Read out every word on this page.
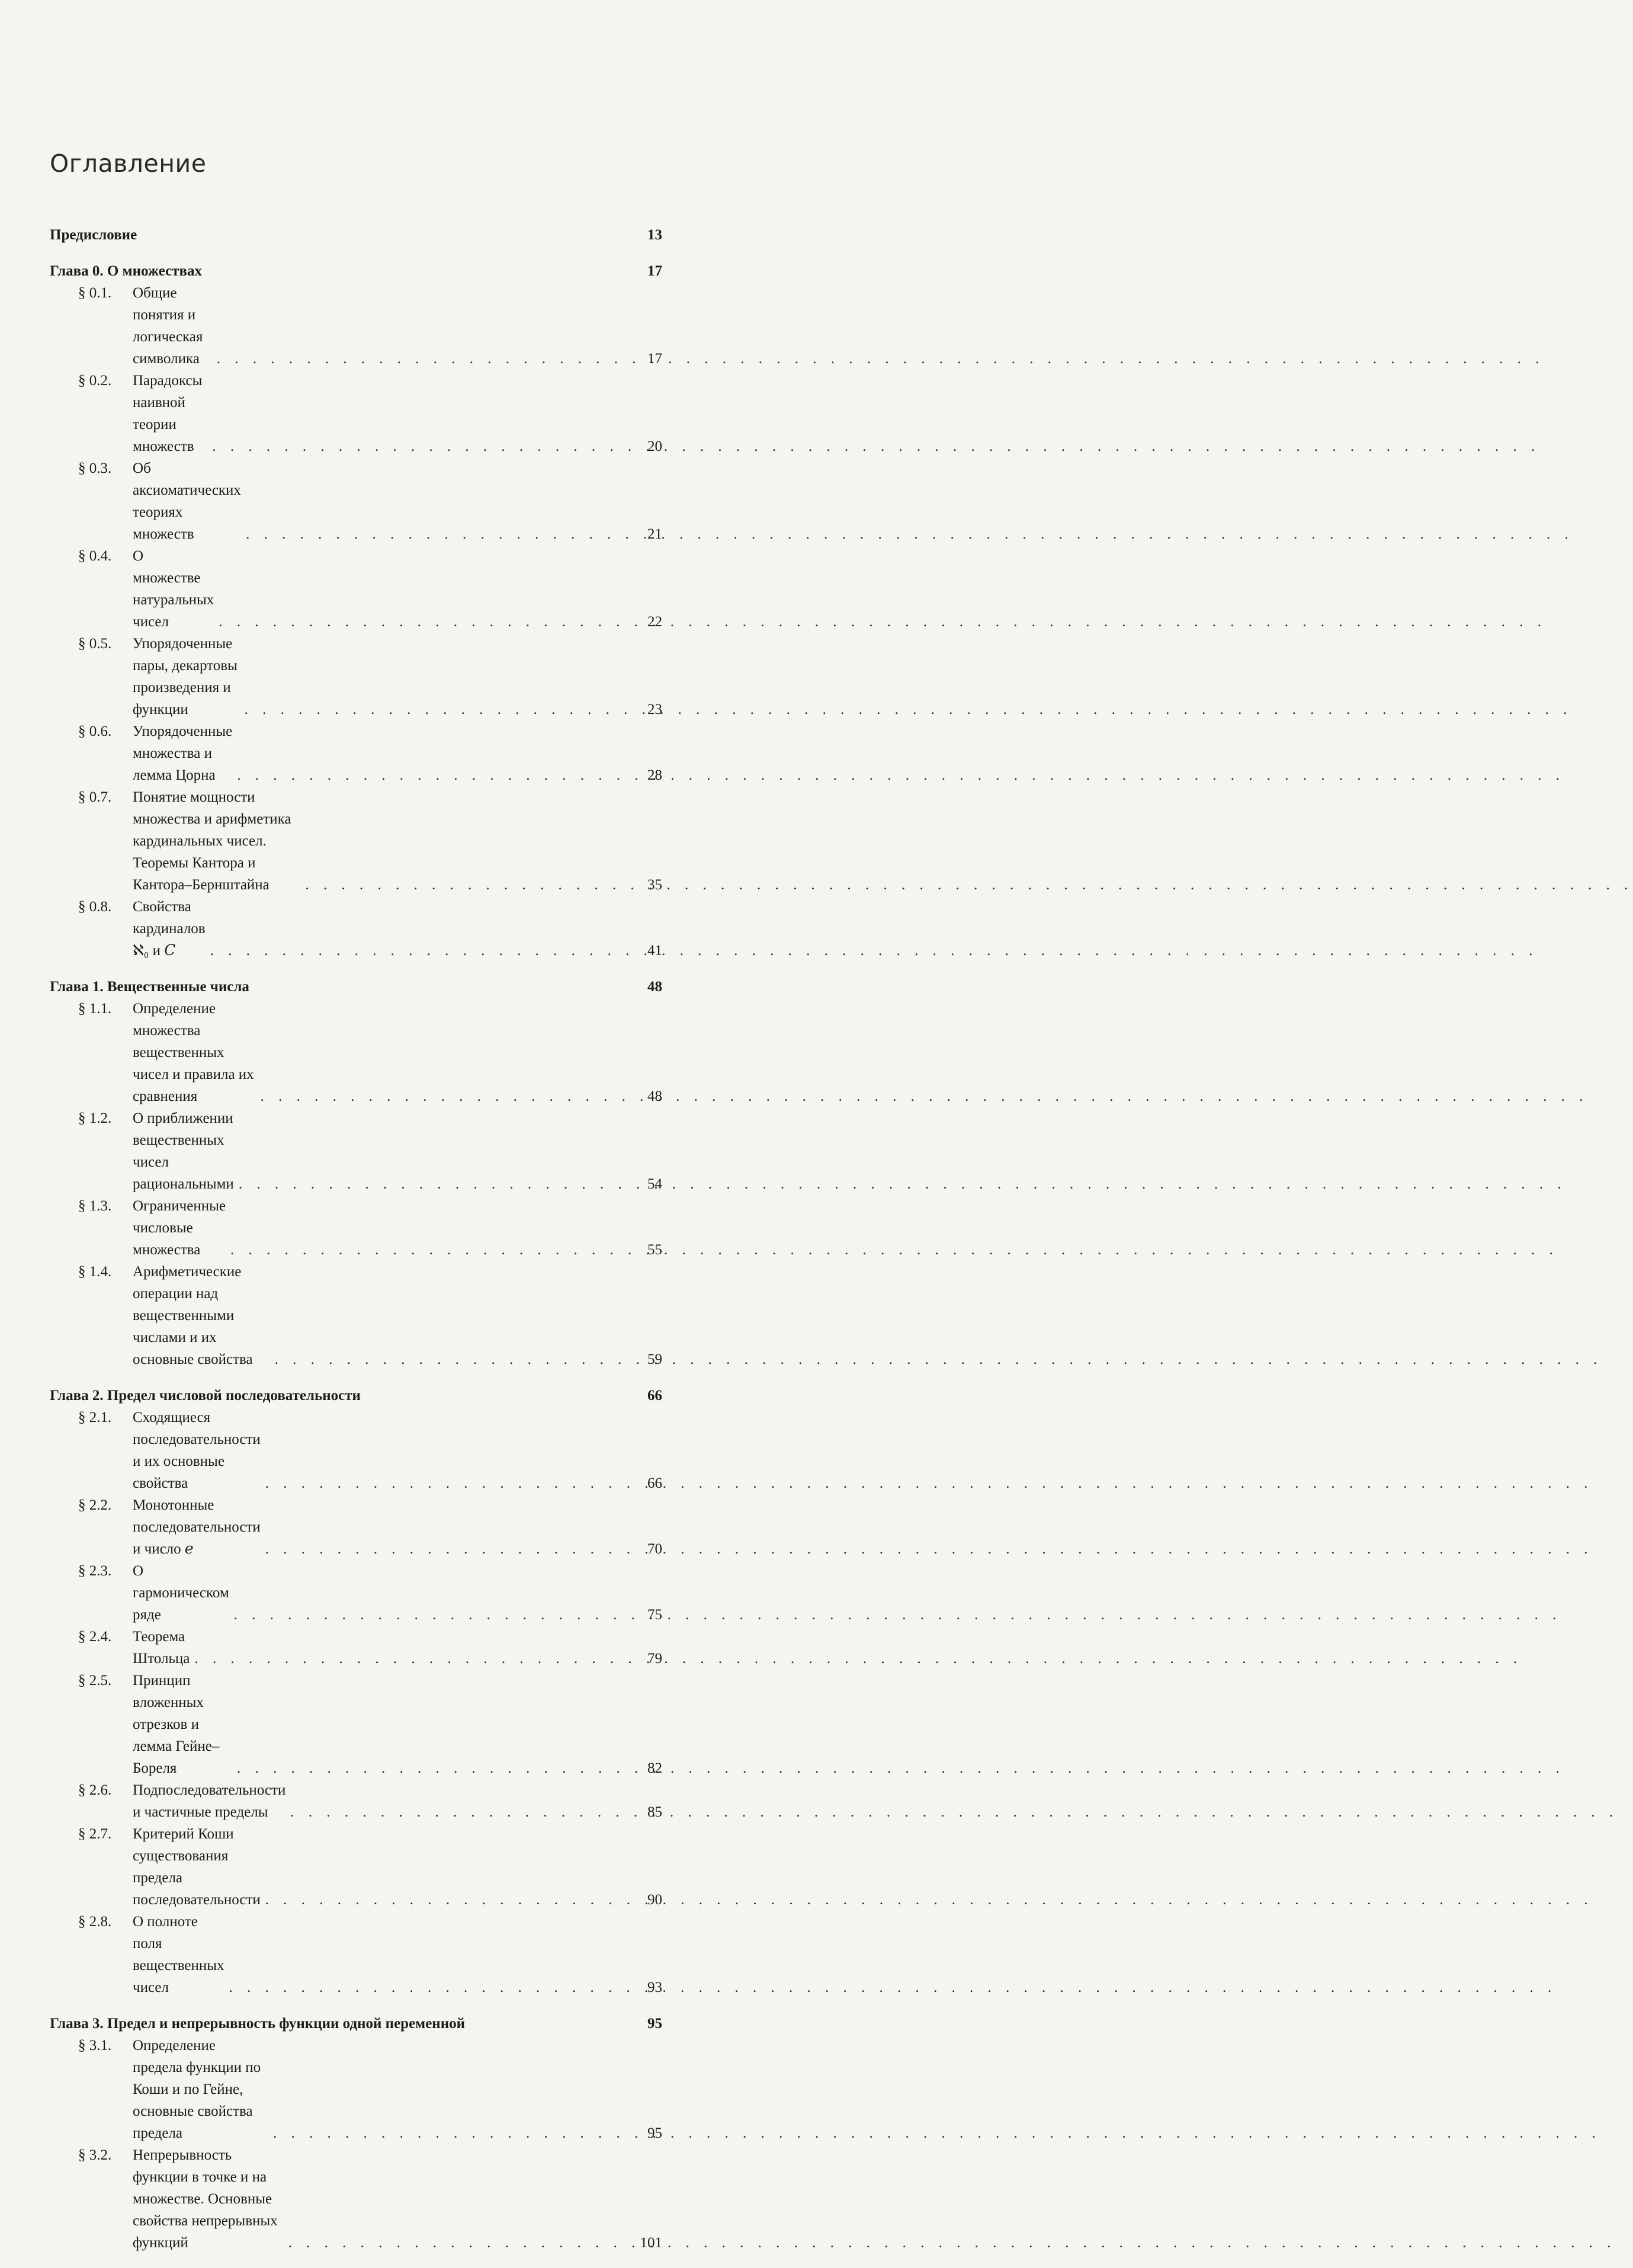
Оглавление
Предисловие	13
Глава 0. О множествах	17
§ 0.1.	Общие понятия и логическая символика . . .	17
§ 0.2.	Парадоксы наивной теории множеств . . .	20
§ 0.3.	Об аксиоматических теориях множеств . . .	21
§ 0.4.	О множестве натуральных чисел . . .	22
§ 0.5.	Упорядоченные пары, декартовы произведения и функции . . .	23
§ 0.6.	Упорядоченные множества и лемма Цорна . . .	28
§ 0.7.	Понятие мощности множества и арифметика кардинальных чисел. Теоремы Кантора и Кантора–Бернштайна . . .	35
§ 0.8.	Свойства кардиналов ℵ₀ и 𝐶 . . .	41
Глава 1. Вещественные числа	48
§ 1.1.	Определение множества вещественных чисел и правила их сравнения . . .	48
§ 1.2.	О приближении вещественных чисел рациональными . . .	54
§ 1.3.	Ограниченные числовые множества . . .	55
§ 1.4.	Арифметические операции над вещественными числами и их основные свойства . . .	59
Глава 2. Предел числовой последовательности	66
§ 2.1.	Сходящиеся последовательности и их основные свойства . . .	66
§ 2.2.	Монотонные последовательности и число 𝑒 . . .	70
§ 2.3.	О гармоническом ряде . . .	75
§ 2.4.	Теорема Штольца . . .	79
§ 2.5.	Принцип вложенных отрезков и лемма Гейне–Бореля . . .	82
§ 2.6.	Подпоследовательности и частичные пределы . . .	85
§ 2.7.	Критерий Коши существования предела последовательности . . .	90
§ 2.8.	О полноте поля вещественных чисел . . .	93
Глава 3. Предел и непрерывность функции одной переменной	95
§ 3.1.	Определение предела функции по Коши и по Гейне, основные свойства предела . . .	95
§ 3.2.	Непрерывность функции в точке и на множестве. Основные свойства непрерывных функций . . .	101
